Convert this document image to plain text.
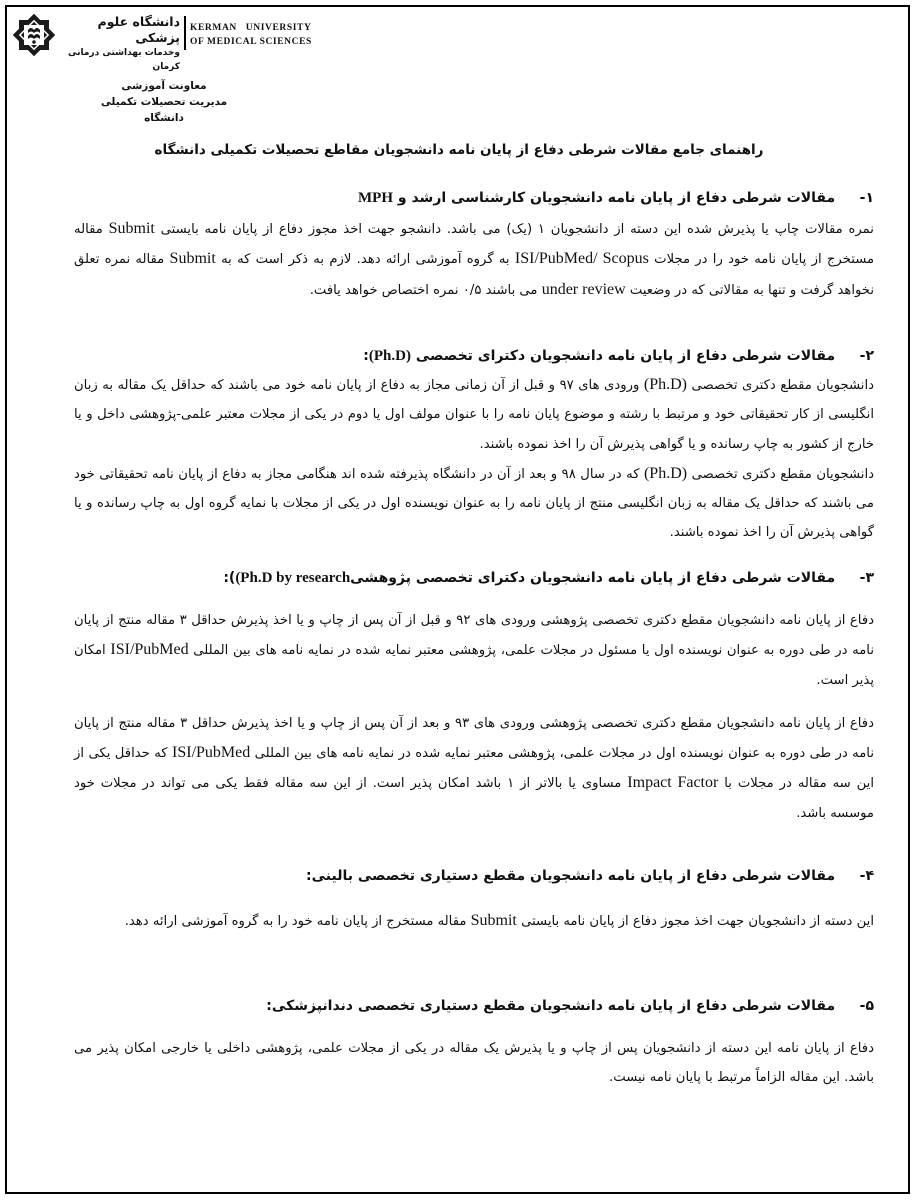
دانشگاه علوم پزشکی
وخدمات بهداشتی درمانی کرمان
KERMAN   UNIVERSITY
OF MEDICAL SCIENCES
معاونت آموزشی
مدیریت تحصیلات تکمیلی دانشگاه
راهنمای جامع مقالات شرطی دفاع از پایان نامه دانشجویان مقاطع تحصیلات تکمیلی دانشگاه
۱- مقالات شرطی دفاع از پایان نامه دانشجویان کارشناسی ارشد و MPH
نمره مقالات چاپ یا پذیرش شده این دسته از دانشجویان ۱ (یک) می باشد. دانشجو جهت اخذ مجوز دفاع از پایان نامه بایستی Submit مقاله مستخرج از پایان نامه خود را در مجلات ISI/PubMed/ Scopus به گروه آموزشی ارائه دهد. لازم به ذکر است که به Submit مقاله نمره تعلق نخواهد گرفت و تنها به مقالاتی که در وضعیت under review می باشند ۰/۵ نمره اختصاص خواهد یافت.
۲- مقالات شرطی دفاع از پایان نامه دانشجویان دکترای تخصصی (Ph.D):
دانشجویان مقطع دکتری تخصصی (Ph.D) ورودی های ۹۷ و قبل از آن زمانی مجاز به دفاع از پایان نامه خود می باشند که حداقل یک مقاله به زبان انگلیسی از کار تحقیقاتی خود و مرتبط با رشته و موضوع پایان نامه را با عنوان مولف اول یا دوم در یکی از مجلات معتبر علمی-پژوهشی داخل و یا خارج از کشور به چاپ رسانده و یا گواهی پذیرش آن را اخذ نموده باشند.
دانشجویان مقطع دکتری تخصصی (Ph.D) که در سال ۹۸ و بعد از آن در دانشگاه پذیرفته شده اند هنگامی مجاز به دفاع از پایان نامه تحقیقاتی خود می باشند که حداقل یک مقاله به زبان انگلیسی منتج از پایان نامه را به عنوان نویسنده اول در یکی از مجلات با نمایه گروه اول به چاپ رسانده و یا گواهی پذیرش آن را اخذ نموده باشند.
۳- مقالات شرطی دفاع از پایان نامه دانشجویان دکترای تخصصی پژوهشی(Ph.D by research):
دفاع از پایان نامه دانشجویان مقطع دکتری تخصصی پژوهشی ورودی های ۹۲ و قبل از آن پس از چاپ و یا اخذ پذیرش حداقل ۳ مقاله منتج از پایان نامه در طی دوره به عنوان نویسنده اول یا مسئول در مجلات علمی، پژوهشی معتبر نمایه شده در نمایه نامه های بین المللی ISI/PubMed امکان پذیر است.
دفاع از پایان نامه دانشجویان مقطع دکتری تخصصی پژوهشی ورودی های ۹۳ و بعد از آن پس از چاپ و یا اخذ پذیرش حداقل ۳ مقاله منتج از پایان نامه در طی دوره به عنوان نویسنده اول در مجلات علمی، پژوهشی معتبر نمایه شده در نمایه نامه های بین المللی ISI/PubMed که حداقل یکی از این سه مقاله در مجلات با Impact Factor مساوی یا بالاتر از ۱ باشد امکان پذیر است. از این سه مقاله فقط یکی می تواند در مجلات خود موسسه باشد.
۴- مقالات شرطی دفاع از پایان نامه دانشجویان مقطع دستیاری تخصصی بالینی:
این دسته از دانشجویان جهت اخذ مجوز دفاع از پایان نامه بایستی Submit مقاله مستخرج از پایان نامه خود را به گروه آموزشی ارائه دهد.
۵- مقالات شرطی دفاع از پایان نامه دانشجویان مقطع دستیاری تخصصی دندانپزشکی:
دفاع از پایان نامه این دسته از دانشجویان پس از چاپ و یا پذیرش یک مقاله در یکی از مجلات علمی، پژوهشی داخلی یا خارجی امکان پذیر می باشد. این مقاله الزاماً مرتبط با پایان نامه نیست.
